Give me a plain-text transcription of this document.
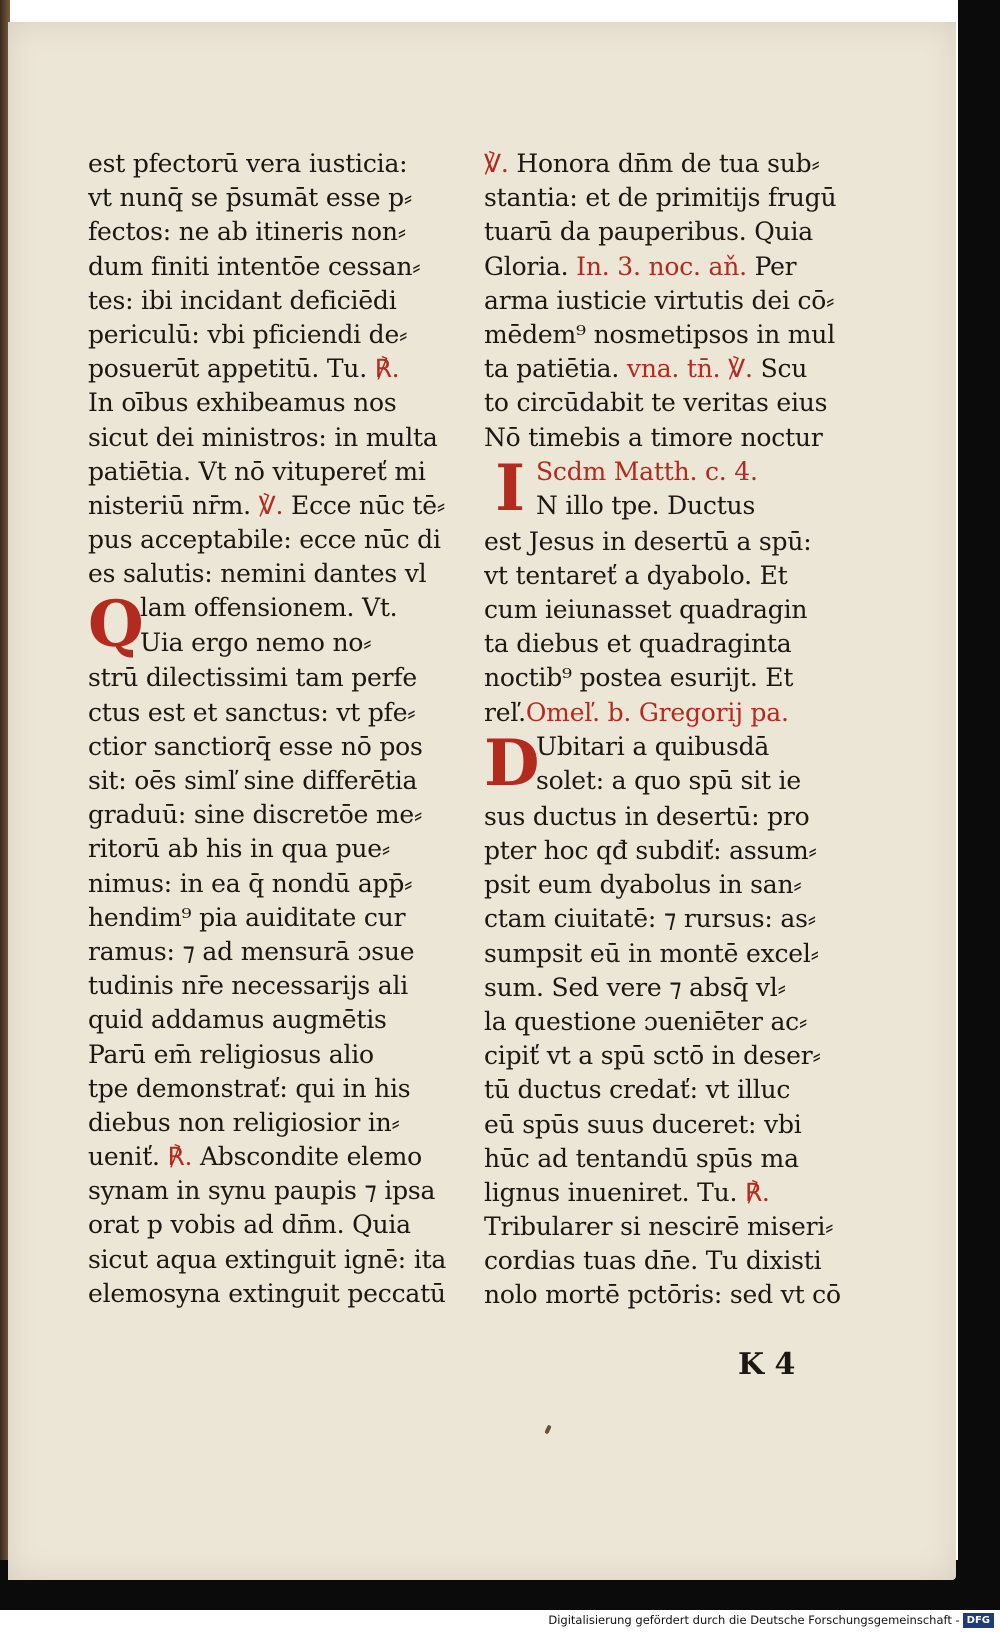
est pfectorū vera iusticia:
vt nunq̄ se p̄sumāt esse p⸗
fectos: ne ab itineris non⸗
dum finiti intentōe cessan⸗
tes: ibi incidant deficiēdi
periculū: vbi pficiendi de⸗
posuerūt appetitū. Tu. ℟.
In oībus exhibeamus nos
sicut dei ministros: in multa
patiētia. Vt nō vitupereť mi
nisteriū nr̄m. ℣. Ecce nūc tē⸗
pus acceptabile: ecce nūc di
es salutis: nemini dantes vl
Q
lam offensionem. Vt.
Uia ergo nemo no⸗
strū dilectissimi tam perfe
ctus est et sanctus: vt pfe⸗
ctior sanctiorq̄ esse nō pos
sit: oēs simľ sine differētia
graduū: sine discretōe me⸗
ritorū ab his in qua pue⸗
nimus: in ea q̄ nondū app̄⸗
hendim⁹ pia auiditate cur
ramus: ⁊ ad mensurā ɔsue
tudinis nr̄e necessarijs ali
quid addamus augmētis
Parū em̄ religiosus alio
tpe demonstrať: qui in his
diebus non religiosior in⸗
ueniť. ℟. Abscondite elemo
synam in synu paupis ⁊ ipsa
orat p vobis ad dn̄m. Quia
sicut aqua extinguit ignē: ita
elemosyna extinguit peccatū
℣. Honora dn̄m de tua sub⸗
stantia: et de primitijs frugū
tuarū da pauperibus. Quia
Gloria. In. 3. noc. aň. Per
arma iusticie virtutis dei cō⸗
mēdem⁹ nosmetipsos in mul
ta patiētia. vna. tn̄. ℣. Scu
to circūdabit te veritas eius
Nō timebis a timore noctur
I Scdm Matth. c. 4.
N illo tpe. Ductus
est Jesus in desertū a spū:
vt tentareť a dyabolo. Et
cum ieiunasset quadragin
ta diebus et quadraginta
noctib⁹ postea esurijt. Et
reľ.Omeľ. b. Gregorij pa.
D
Ubitari a quibusdā
solet: a quo spū sit ie
sus ductus in desertū: pro
pter hoc qđ subdiť: assum⸗
psit eum dyabolus in san⸗
ctam ciuitatē: ⁊ rursus: as⸗
sumpsit eū in montē excel⸗
sum. Sed vere ⁊ absq̄ vl⸗
la questione ɔueniēter ac⸗
cipiť vt a spū sctō in deser⸗
tū ductus credať: vt illuc
eū spūs suus duceret: vbi
hūc ad tentandū spūs ma
lignus inueniret. Tu. ℟.
Tribularer si nescirē miseri⸗
cordias tuas dn̄e. Tu dixisti
nolo mortē pctōris: sed vt cō
K 4
Digitalisierung gefördert durch die Deutsche Forschungsgemeinschaft - DFG
